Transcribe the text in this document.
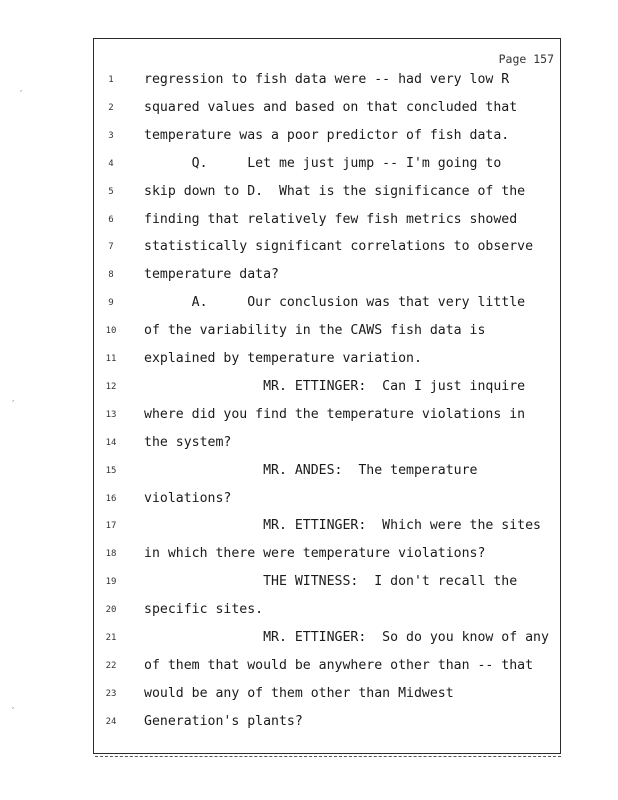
′
′
′
Page 157
1	regression to fish data were -- had very low R
2	squared values and based on that concluded that
3	temperature was a poor predictor of fish data.
4	Q.     Let me just jump -- I'm going to
5	skip down to D.  What is the significance of the
6	finding that relatively few fish metrics showed
7	statistically significant correlations to observe
8	temperature data?
9	A.     Our conclusion was that very little
10 of the variability in the CAWS fish data is
11 explained by temperature variation.
12 MR. ETTINGER:  Can I just inquire
13 where did you find the temperature violations in
14 the system?
15 MR. ANDES:  The temperature
16 violations?
17 MR. ETTINGER:  Which were the sites
18 in which there were temperature violations?
19 THE WITNESS:  I don't recall the
20 specific sites.
21 MR. ETTINGER:  So do you know of any
22 of them that would be anywhere other than -- that
23 would be any of them other than Midwest
24 Generation's plants?
